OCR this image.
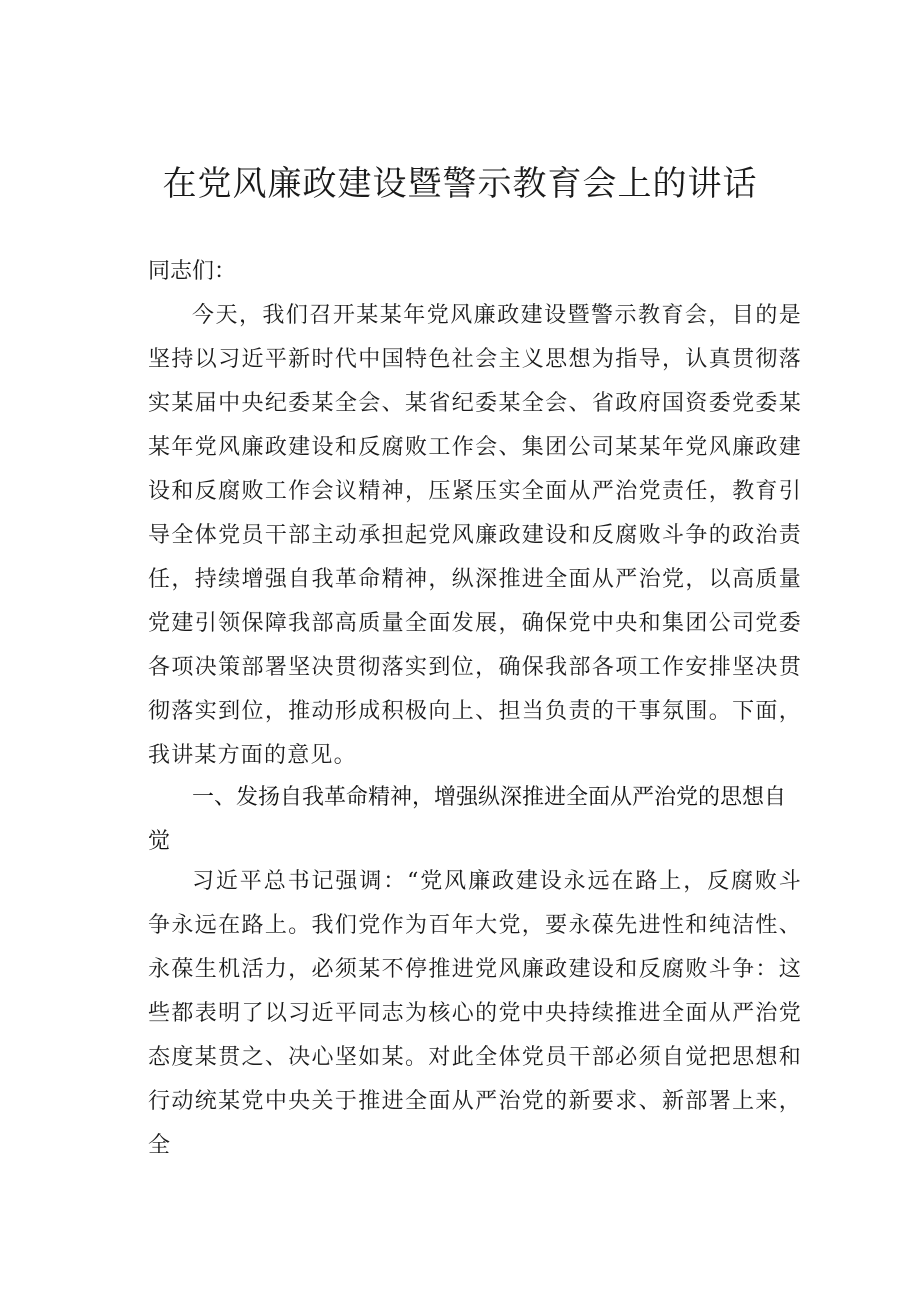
在党风廉政建设暨警示教育会上的讲话

同志们：

今天，我们召开某某年党风廉政建设暨警示教育会，目的是坚持以习近平新时代中国特色社会主义思想为指导，认真贯彻落实某届中央纪委某全会、某省纪委某全会、省政府国资委党委某某年党风廉政建设和反腐败工作会、集团公司某某年党风廉政建设和反腐败工作会议精神，压紧压实全面从严治党责任，教育引导全体党员干部主动承担起党风廉政建设和反腐败斗争的政治责任，持续增强自我革命精神，纵深推进全面从严治党，以高质量党建引领保障我部高质量全面发展，确保党中央和集团公司党委各项决策部署坚决贯彻落实到位，确保我部各项工作安排坚决贯彻落实到位，推动形成积极向上、担当负责的干事氛围。下面，我讲某方面的意见。

一、发扬自我革命精神，增强纵深推进全面从严治党的思想自觉

习近平总书记强调：“党风廉政建设永远在路上，反腐败斗争永远在路上。我们党作为百年大党，要永葆先进性和纯洁性、永葆生机活力，必须某不停推进党风廉政建设和反腐败斗争：这些都表明了以习近平同志为核心的党中央持续推进全面从严治党态度某贯之、决心坚如某。对此全体党员干部必须自觉把思想和行动统某党中央关于推进全面从严治党的新要求、新部署上来，全
